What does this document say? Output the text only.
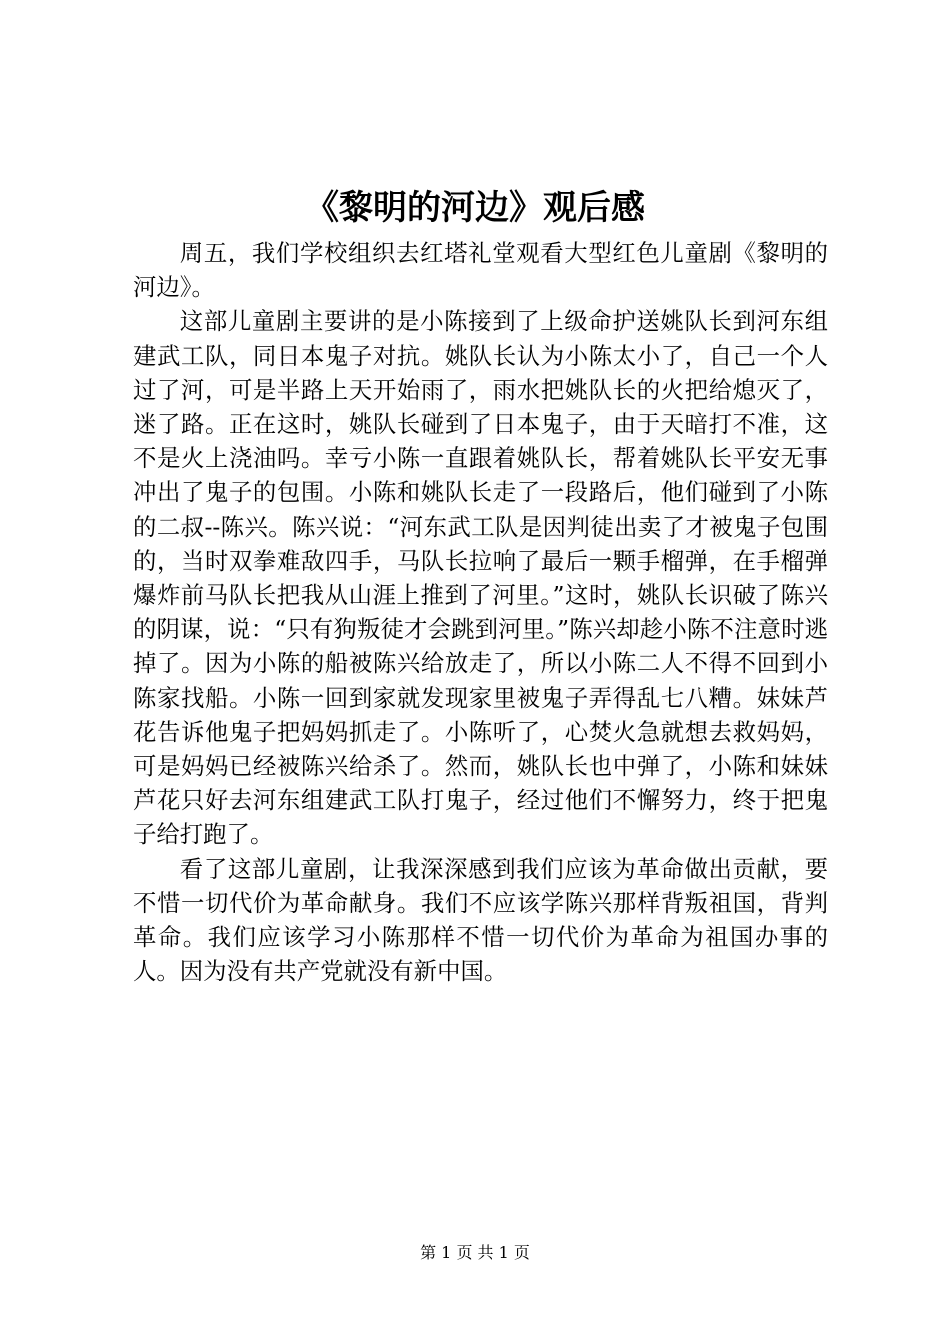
《黎明的河边》观后感

周五，我们学校组织去红塔礼堂观看大型红色儿童剧《黎明的河边》。

这部儿童剧主要讲的是小陈接到了上级命护送姚队长到河东组建武工队，同日本鬼子对抗。姚队长认为小陈太小了，自己一个人过了河，可是半路上天开始雨了，雨水把姚队长的火把给熄灭了，迷了路。正在这时，姚队长碰到了日本鬼子，由于天暗打不准，这不是火上浇油吗。幸亏小陈一直跟着姚队长，帮着姚队长平安无事冲出了鬼子的包围。小陈和姚队长走了一段路后，他们碰到了小陈的二叔--陈兴。陈兴说：“河东武工队是因判徒出卖了才被鬼子包围的，当时双拳难敌四手，马队长拉响了最后一颗手榴弹，在手榴弹爆炸前马队长把我从山涯上推到了河里。”这时，姚队长识破了陈兴的阴谋，说：“只有狗叛徒才会跳到河里。”陈兴却趁小陈不注意时逃掉了。因为小陈的船被陈兴给放走了，所以小陈二人不得不回到小陈家找船。小陈一回到家就发现家里被鬼子弄得乱七八糟。妹妹芦花告诉他鬼子把妈妈抓走了。小陈听了，心焚火急就想去救妈妈，可是妈妈已经被陈兴给杀了。然而，姚队长也中弹了，小陈和妹妹芦花只好去河东组建武工队打鬼子，经过他们不懈努力，终于把鬼子给打跑了。

看了这部儿童剧，让我深深感到我们应该为革命做出贡献，要不惜一切代价为革命献身。我们不应该学陈兴那样背叛祖国，背判革命。我们应该学习小陈那样不惜一切代价为革命为祖国办事的人。因为没有共产党就没有新中国。

第 1 页 共 1 页
